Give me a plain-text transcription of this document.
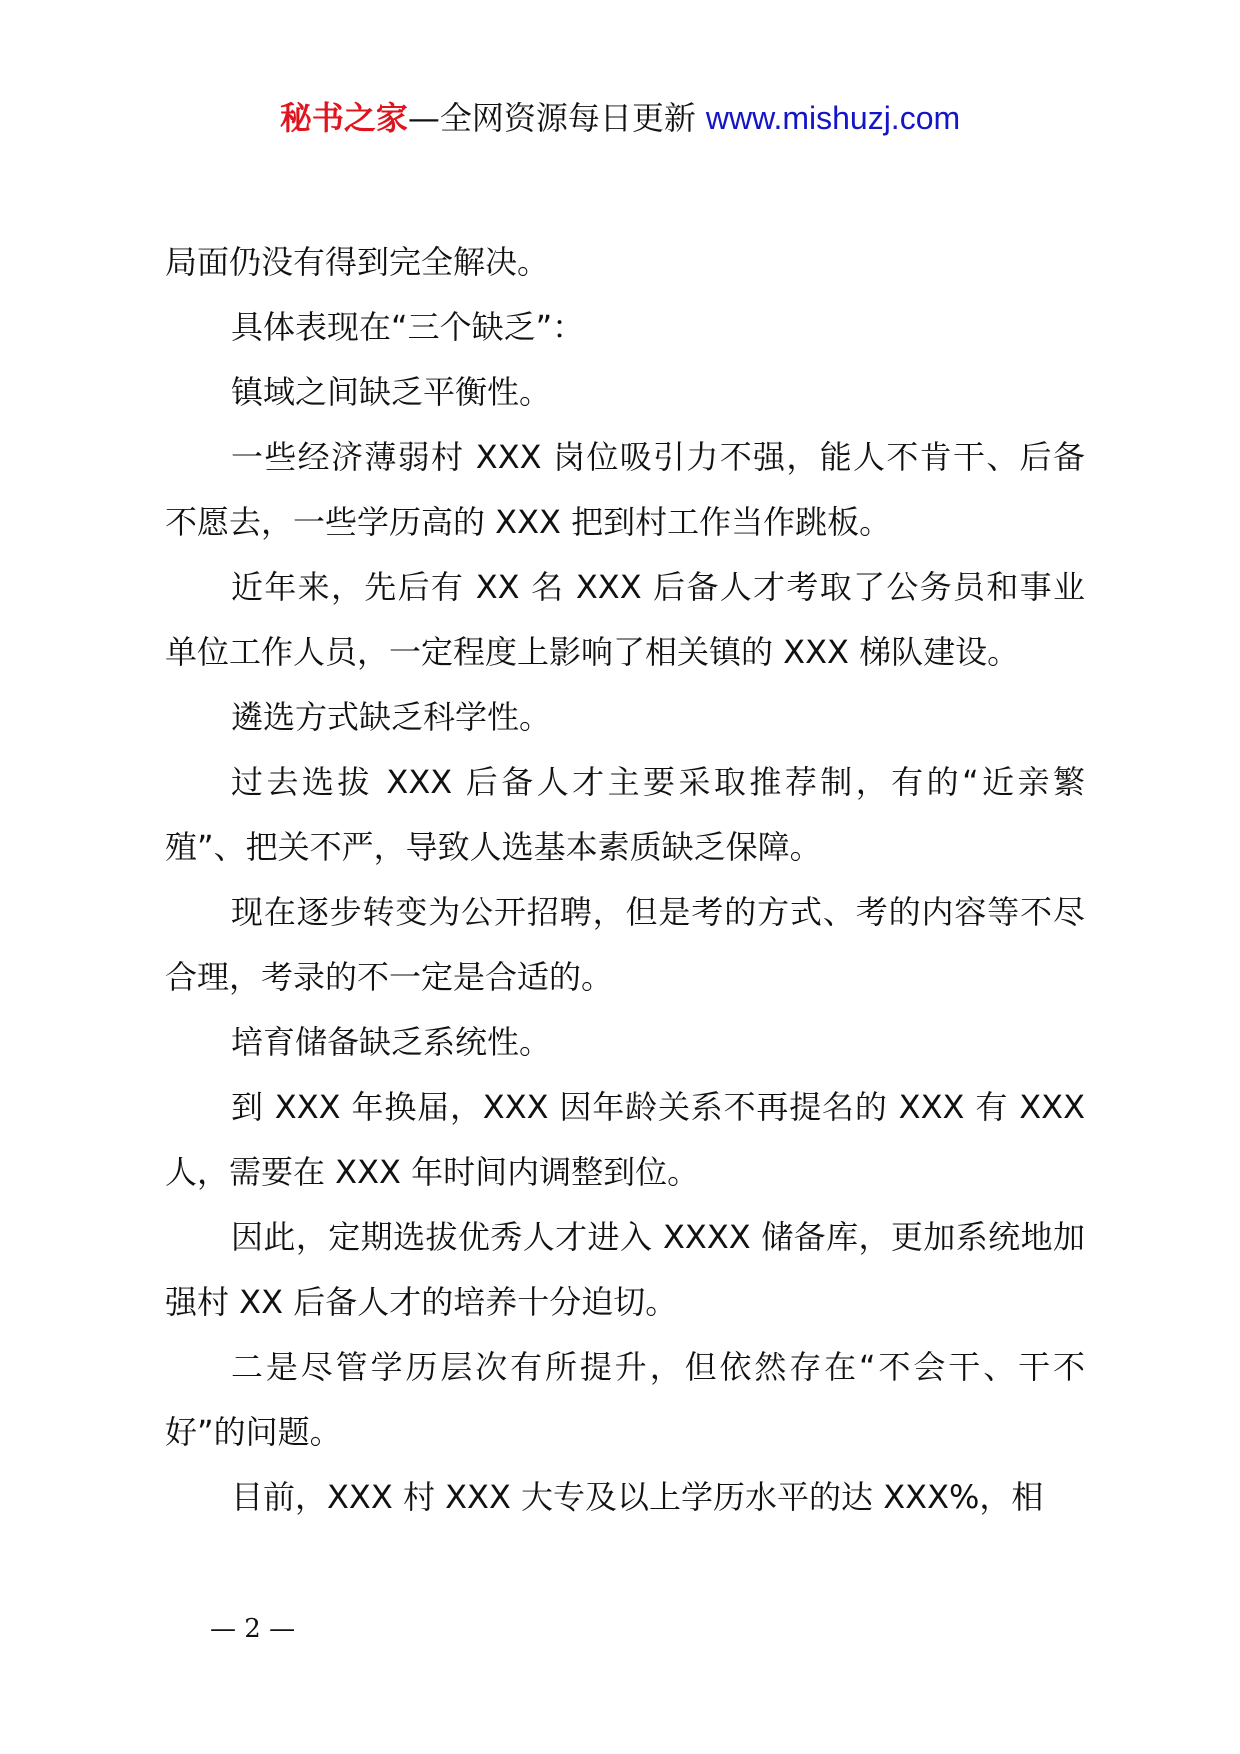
秘书之家—全网资源每日更新 www.mishuzj.com

局面仍没有得到完全解决。

具体表现在“三个缺乏”：

镇域之间缺乏平衡性。

一些经济薄弱村 XXX 岗位吸引力不强，能人不肯干、后备不愿去，一些学历高的 XXX 把到村工作当作跳板。

近年来，先后有 XX 名 XXX 后备人才考取了公务员和事业单位工作人员，一定程度上影响了相关镇的 XXX 梯队建设。

遴选方式缺乏科学性。

过去选拔 XXX 后备人才主要采取推荐制，有的“近亲繁殖”、把关不严，导致人选基本素质缺乏保障。

现在逐步转变为公开招聘，但是考的方式、考的内容等不尽合理，考录的不一定是合适的。

培育储备缺乏系统性。

到 XXX 年换届，XXX 因年龄关系不再提名的 XXX 有 XXX 人，需要在 XXX 年时间内调整到位。

因此，定期选拔优秀人才进入 XXXX 储备库，更加系统地加强村 XX 后备人才的培养十分迫切。

二是尽管学历层次有所提升，但依然存在“不会干、干不好”的问题。

目前，XXX 村 XXX 大专及以上学历水平的达 XXX%，相

— 2 —
